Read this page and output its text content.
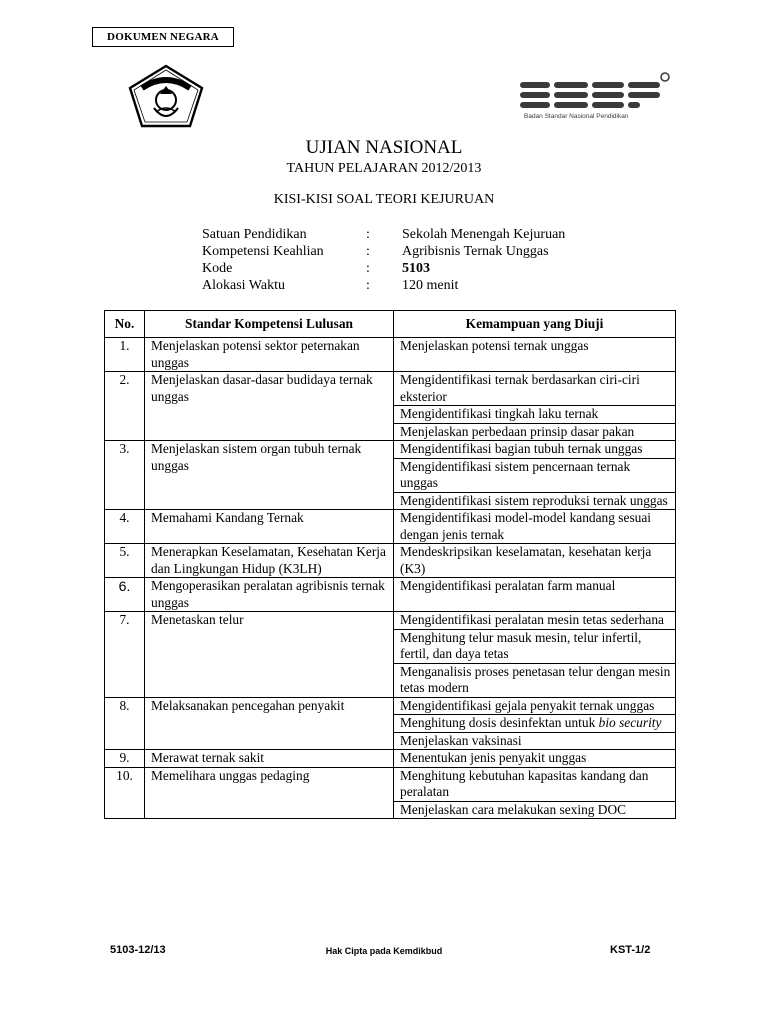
DOKUMEN NEGARA
Badan Standar Nasional Pendidikan
UJIAN NASIONAL
TAHUN PELAJARAN 2012/2013
KISI-KISI SOAL TEORI KEJURUAN
Satuan Pendidikan	:	Sekolah Menengah Kejuruan
Kompetensi Keahlian	:	Agribisnis Ternak Unggas
Kode	:	5103
Alokasi Waktu	:	120 menit
No.	Standar Kompetensi Lulusan	Kemampuan yang Diuji
1.	Menjelaskan potensi sektor peternakan unggas	Menjelaskan potensi ternak unggas
2.	Menjelaskan dasar-dasar budidaya ternak unggas	Mengidentifikasi ternak berdasarkan ciri-ciri eksterior
		Mengidentifikasi tingkah laku ternak
		Menjelaskan perbedaan prinsip dasar pakan
3.	Menjelaskan sistem organ tubuh ternak unggas	Mengidentifikasi bagian tubuh ternak unggas
		Mengidentifikasi sistem pencernaan ternak unggas
		Mengidentifikasi sistem reproduksi ternak unggas
4.	Memahami Kandang Ternak	Mengidentifikasi model-model kandang sesuai dengan jenis ternak
5.	Menerapkan Keselamatan, Kesehatan Kerja dan Lingkungan Hidup (K3LH)	Mendeskripsikan keselamatan, kesehatan kerja (K3)
6.	Mengoperasikan peralatan agribisnis ternak unggas	Mengidentifikasi peralatan farm manual
7.	Menetaskan telur	Mengidentifikasi peralatan mesin tetas sederhana
		Menghitung telur masuk mesin, telur infertil, fertil, dan daya tetas
		Menganalisis proses penetasan telur dengan mesin tetas modern
8.	Melaksanakan pencegahan penyakit	Mengidentifikasi gejala penyakit ternak unggas
		Menghitung dosis desinfektan untuk bio security
		Menjelaskan vaksinasi
9.	Merawat ternak sakit	Menentukan jenis penyakit unggas
10.	Memelihara unggas pedaging	Menghitung kebutuhan kapasitas kandang dan peralatan
		Menjelaskan cara melakukan sexing DOC
5103-12/13	Hak Cipta pada Kemdikbud	KST-1/2
